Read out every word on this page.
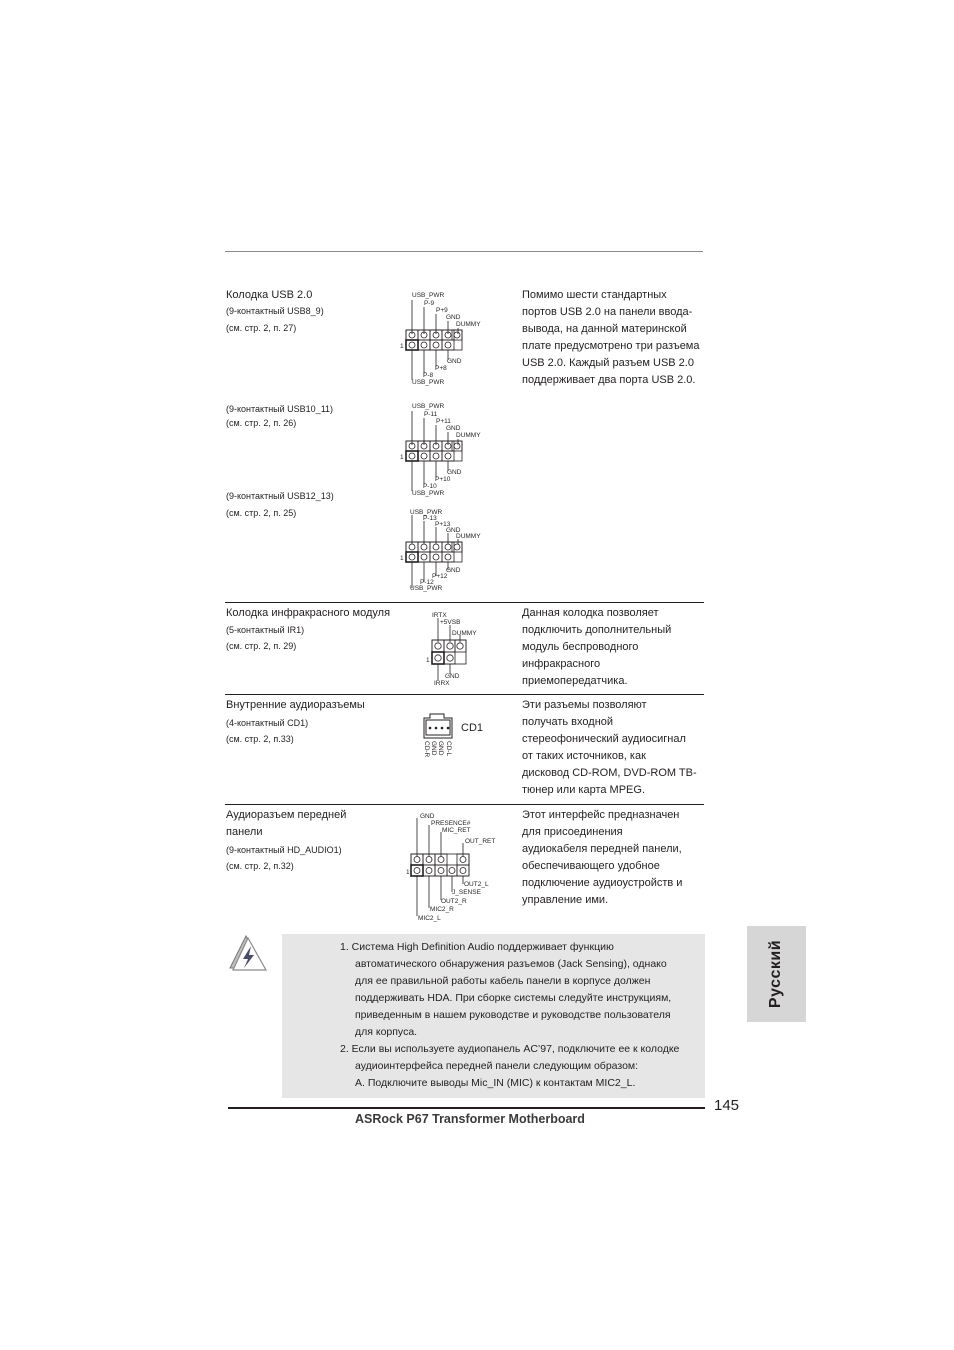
Колодка USB 2.0
(9-контактный USB8_9)
(см. стр. 2, п. 27)
Помимо шести стандартных
портов USB 2.0 на панели ввода-
вывода, на данной материнской
плате предусмотрено три разъема
USB 2.0. Каждый разъем USB 2.0
поддерживает два порта USB 2.0.
USB_PWR
P-9
P+9
GND
DUMMY
1
GND
P+8
P-8
USB_PWR
(9-контактный USB10_11)
(см. стр. 2, п. 26)
USB_PWR
P-11
P+11
GND
DUMMY
1
GND
P+10
P-10
USB_PWR
(9-контактный USB12_13)
(см. стр. 2, п. 25)	USB_PWR
P-13
P+13
GND
DUMMY
1
GND
P+12
P-12
USB_PWR
Колодка инфракрасного модуля
(5-контактный IR1)
(см. стр. 2, п. 29)
Данная колодка позволяет
подключить дополнительный
модуль беспроводного
инфракрасного
приемопередатчика.
IRTX
+5VSB
DUMMY
1
GND
IRRX
Внутренние аудиоразъемы
(4-контактный CD1)
(см. стр. 2, п.33)
Эти разъемы позволяют
получать входной
стереофонический аудиосигнал
от таких источников, как
дисковод CD-ROM, DVD-ROM TB-
тюнер или карта MPEG.
CD1
CD-R GND GND CD-L
Аудиоразъем передней
панели
(9-контактный HD_AUDIO1)
(см. стр. 2, п.32)
Этот интерфейс предназначен
для присоединения
аудиокабеля передней панели,
обеспечивающего удобное
подключение аудиоустройств и
управление ими.
GND
PRESENCE#
MIC_RET
OUT_RET
1
OUT2_L
J_SENSE
OUT2_R
MIC2_R
MIC2_L
1. Система High Definition Audio поддерживает функцию
автоматического обнаружения разъемов (Jack Sensing), однако
для ее правильной работы кабель панели в корпусе должен
поддерживать HDA. При сборке системы следуйте инструкциям,
приведенным в нашем руководстве и руководстве пользователя
для корпуса.
2. Если вы используете аудиопанель AC’97, подключите ее к колодке
аудиоинтерфейса передней панели следующим образом:
А. Подключите выводы Mic_IN (MIC) к контактам MIC2_L.
Русский
145
ASRock P67 Transformer Motherboard
